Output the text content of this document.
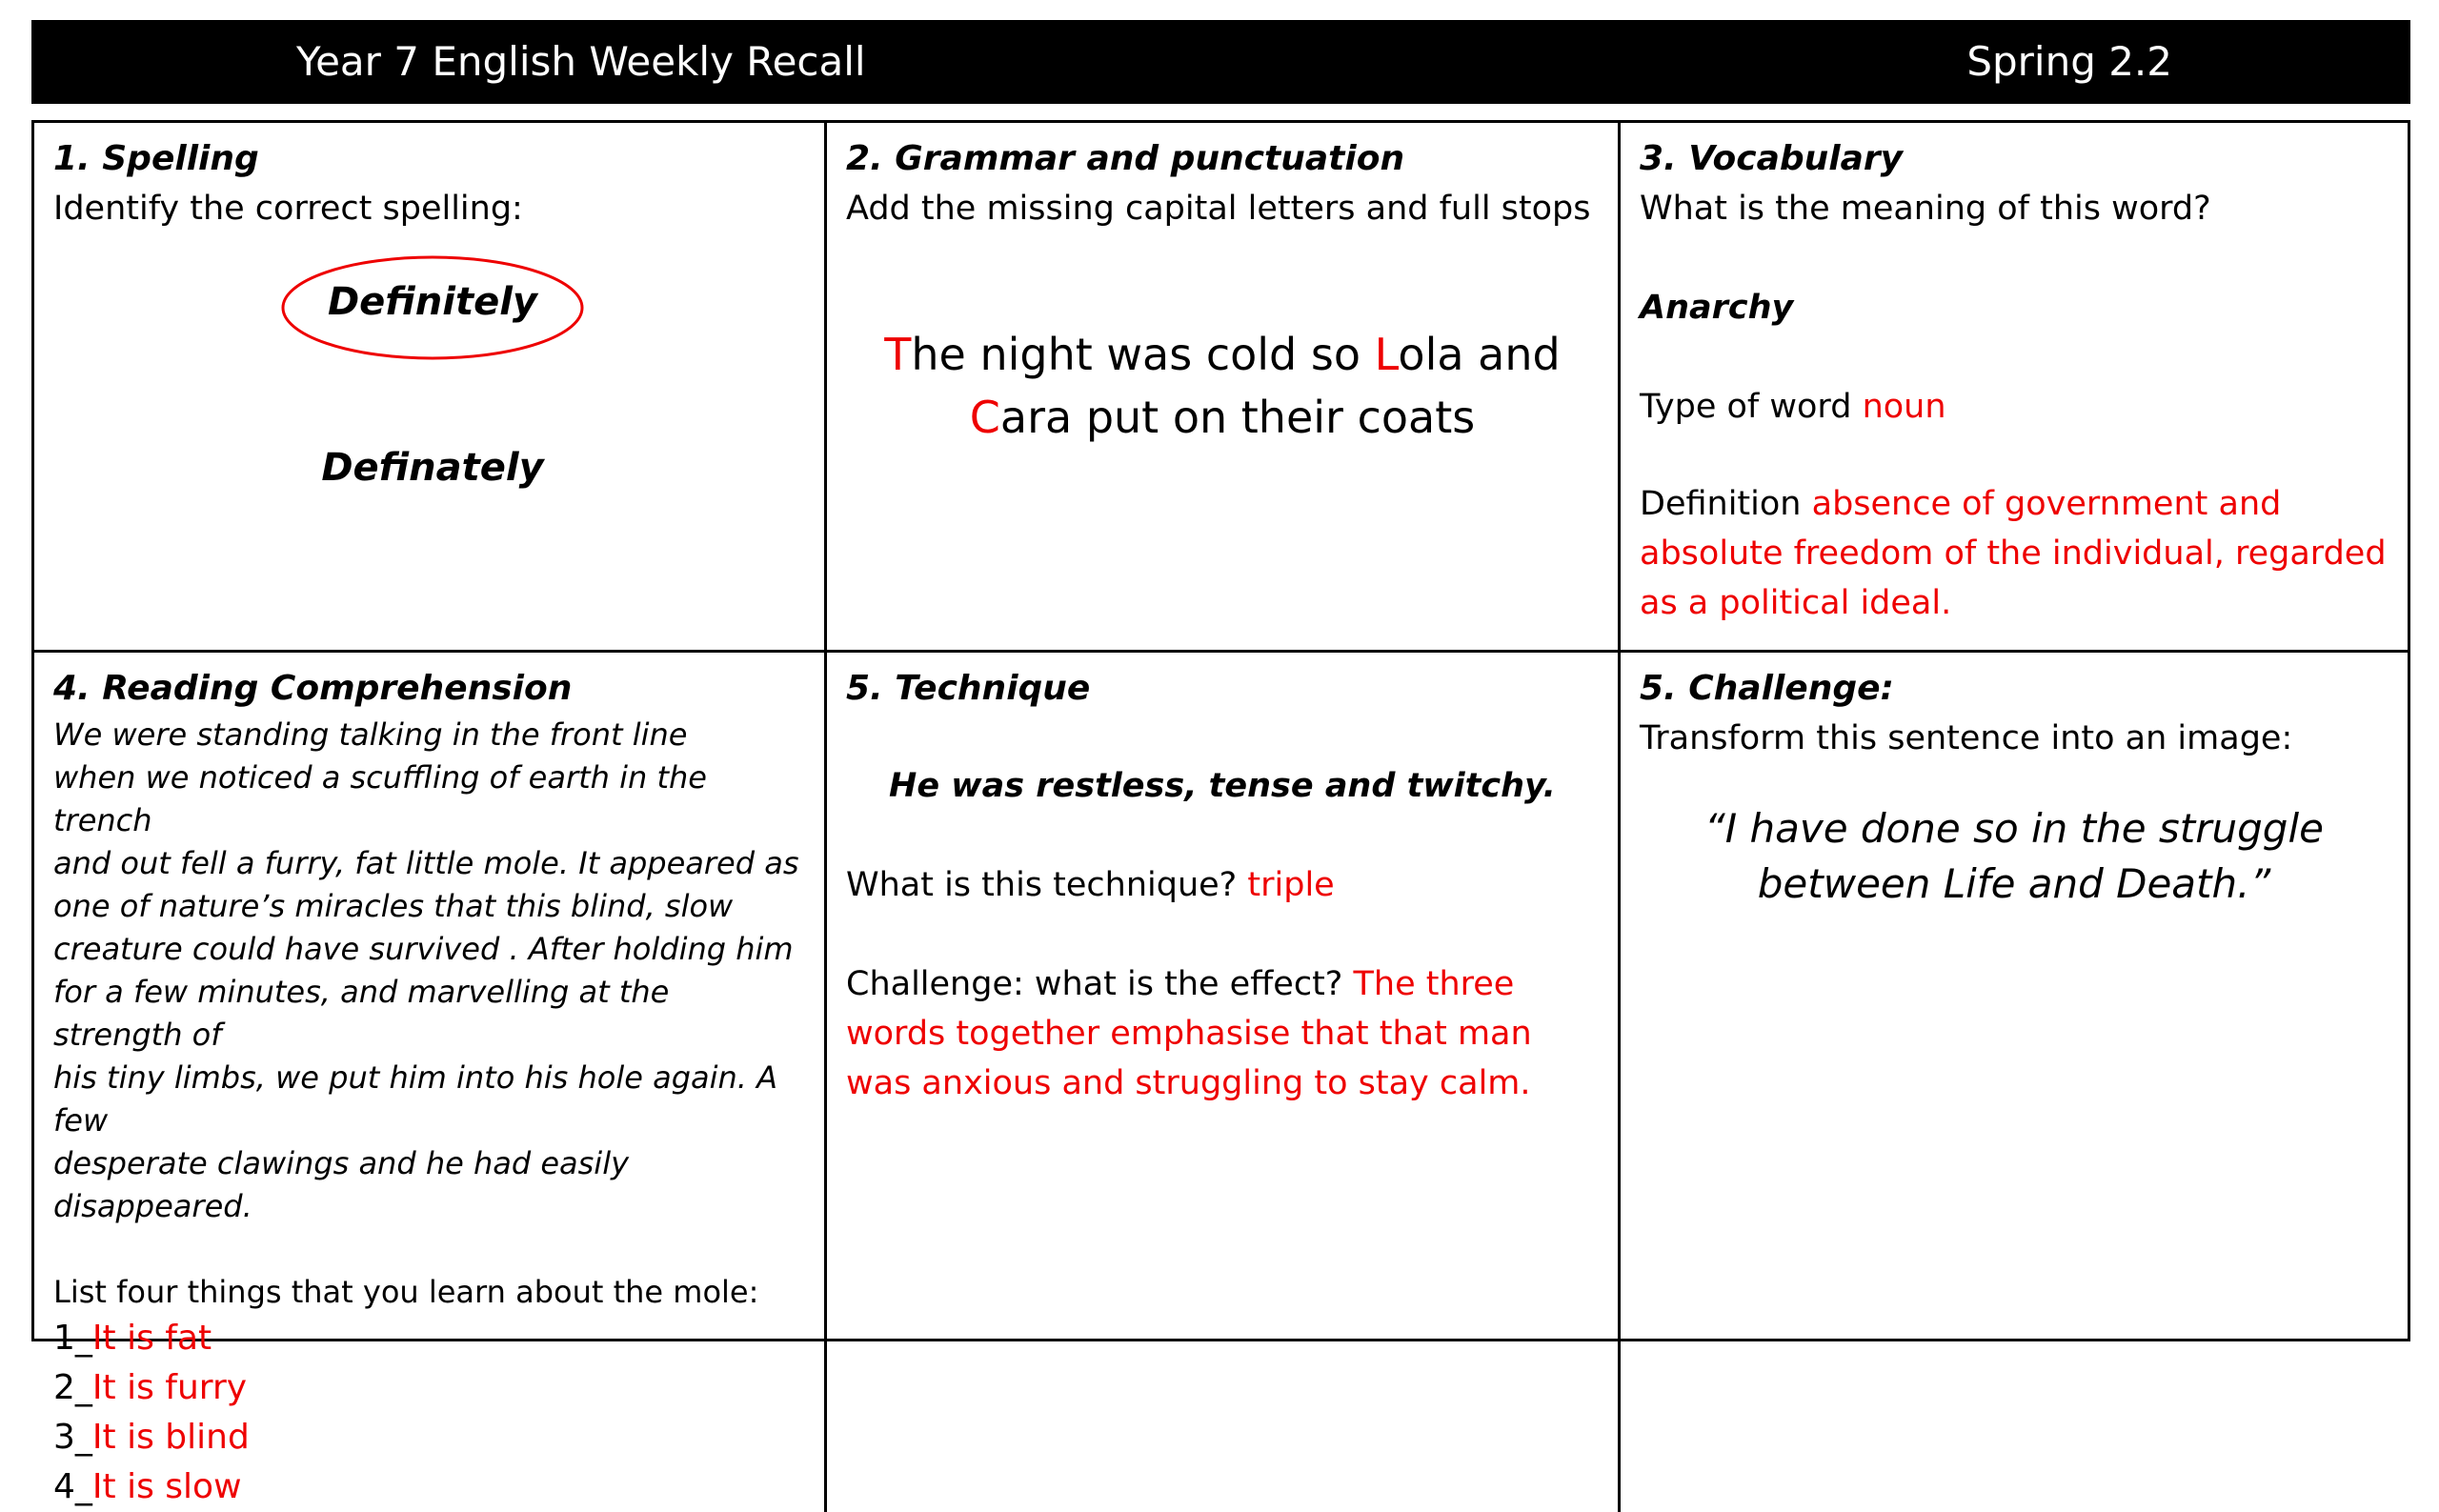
Year 7 English Weekly Recall	Spring 2.2
1. Spelling
Identify the correct spelling:
Definitely
Definately
2. Grammar and punctuation
Add the missing capital letters and full stops
The night was cold so Lola and Cara put on their coats
3. Vocabulary
What is the meaning of this word?
Anarchy
Type of word noun
Definition absence of government and absolute freedom of the individual, regarded as a political ideal.
4. Reading Comprehension
We were standing talking in the front line
when we noticed a scuffling of earth in the trench
and out fell a furry, fat little mole. It appeared as
one of nature’s miracles that this blind, slow
creature could have survived . After holding him
for a few minutes, and marvelling at the strength of
his tiny limbs, we put him into his hole again. A few
desperate clawings and he had easily disappeared.
List four things that you learn about the mole:
1_It is fat
2_It is furry
3_It is blind
4_It is slow
5. Technique
He was restless, tense and twitchy.
What is this technique? triple
Challenge: what is the effect? The three words together emphasise that that man was anxious and struggling to stay calm.
5. Challenge:
Transform this sentence into an image:
“I have done so in the struggle between Life and Death.”
